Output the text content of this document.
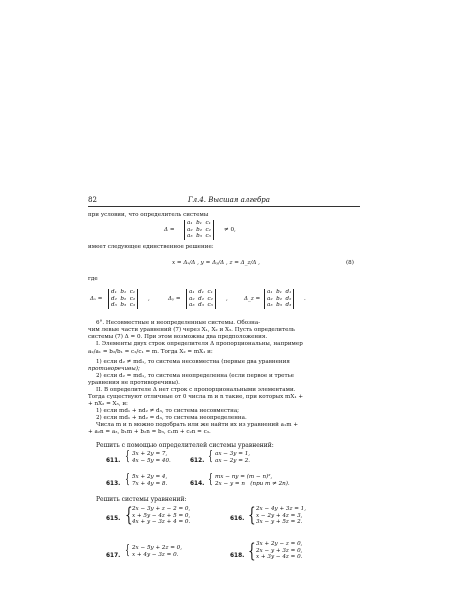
82	Гл.4. Высшая алгебра
при условии, что определитель системы
Δ =
a₁  b₁  c₁
a₂  b₂  c₂
a₃  b₃  c₃
≠ 0,
имеет следующее единственное решение:
x = Δₓ/Δ , y = Δᵧ/Δ , z = Δ_z/Δ ,	(8)
где
Δₓ =
d₁  b₁  c₁
d₂  b₂  c₂
d₃  b₃  c₃
,	Δᵧ =
a₁  d₁  c₁
a₂  d₂  c₂
a₃  d₃  c₃
,	Δ_z =
a₁  b₁  d₁
a₂  b₂  d₂
a₃  b₃  d₃
.
6°. Несовместные и неопределенные системы. Обозна-
чим левые части уравнений (7) через X₁, X₂ и X₃. Пусть определитель
системы (7) Δ = 0. При этом возможны два предположения.
I. Элементы двух строк определителя Δ пропорциональны, например
a₂/a₁ = b₂/b₁ = c₂/c₁ = m. Тогда X₂ = mX₁ и:
1) если d₂ ≠ md₁, то система несовместна (первые два уравнения
противоречивы);
2) если d₂ = md₁, то система неопределенна (если первое и третье
уравнения не противоречивы).
II. В определителе Δ нет строк с пропорциональными элементами.
Тогда существуют отличные от 0 числа m и n такие, при которых mX₁ +
+ nX₂ = X₃, и:
1) если md₁ + nd₂ ≠ d₃, то система несовместна;
2) если md₁ + nd₂ = d₃, то система неопределенна.
Числа m и n можно подобрать или же найти их из уравнений a₁m +
+ a₂n = a₃, b₁m + b₂n = b₃, c₁m + c₂n = c₃.
Решить с помощью определителей системы уравнений:
611. { 3x + 2y = 7,
4x − 5y = 40.	612. { ax − 3y = 1,
ax − 2y = 2.
613. { 5x + 2y = 4,
7x + 4y = 8.	614. { mx − ny = (m − n)²,
2x − y = n   (при m ≠ 2n).
Решить системы уравнений:
615. { 2x − 3y + z − 2 = 0,
x + 5y − 4z + 5 = 0,
4x + y − 3z + 4 = 0.
616. { 2x − 4y + 3z = 1,
x − 2y + 4z = 3,
3x − y + 5z = 2.
617. { 2x − 5y + 2z = 0,
x + 4y − 3z = 0.	618. { 3x + 2y − z = 0,
2x − y + 3z = 0,
x + 3y − 4z = 0.
